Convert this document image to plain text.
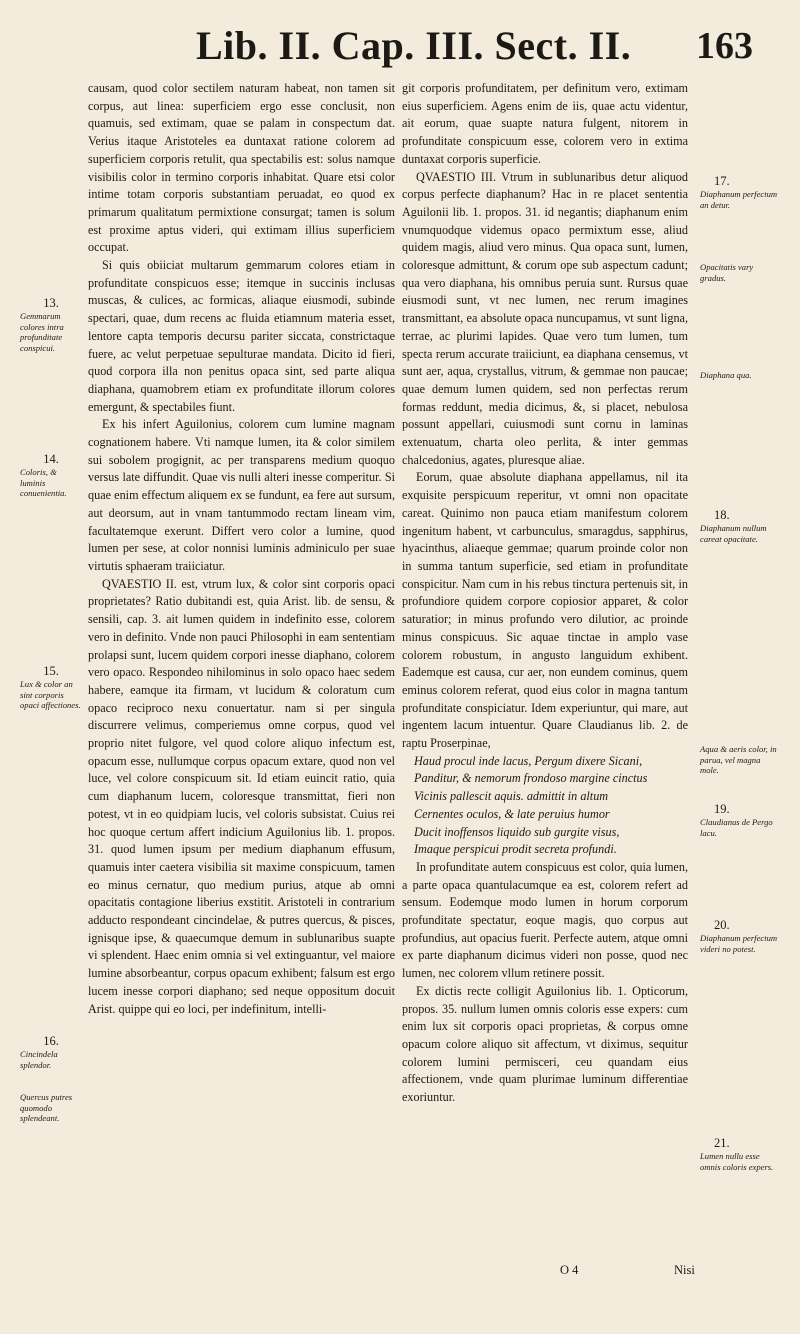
Lib. II. Cap. III. Sect. II. 163

causam, quod color sectilem naturam habeat, non tamen sit corpus, aut linea: superficiem ergo esse conclusit, non quamuis, sed extimam, quae se palam in conspectum dat. Verius itaque Aristoteles ea duntaxat ratione colorem ad superficiem corporis retulit, qua spectabilis est: solus namque visibilis color in termino corporis inhabitat. Quare etsi color intime totam corporis substantiam peruadat, eo quod ex primarum qualitatum permixtione consurgat; tamen is solum est proxime aptus videri, qui extimam illius superficiem occupat.

Si quis obiiciat multarum gemmarum colores etiam in profunditate conspicuos esse; itemque in succinis inclusas muscas, & culices, ac formicas, aliaque eiusmodi, subinde spectari, quae, dum recens ac fluida etiamnum materia esset, lentore capta temporis decursu pariter siccata, constrictaque fuere, ac velut perpetuae sepulturae mandata. Dicito id fieri, quod corpora illa non penitus opaca sint, sed parte aliqua diaphana, quamobrem etiam ex profunditate illorum colores emergunt, & spectabiles fiunt.

Ex his infert Aguilonius, colorem cum lumine magnam cognationem habere. Vti namque lumen, ita & color similem sui sobolem progignit, ac per transparens medium quoquo versus late diffundit. Quae vis nulli alteri inesse comperitur. Si quae enim effectum aliquem ex se fundunt, ea fere aut sursum, aut deorsum, aut in vnam tantummodo rectam lineam vim, facultatemque exerunt. Differt vero color a lumine, quod lumen per sese, at color nonnisi luminis adminiculo per suae virtutis sphaeram traiiciatur.

QVAESTIO II. est, vtrum lux, & color sint corporis opaci proprietates? Ratio dubitandi est, quia Arist. lib. de sensu, & sensili, cap. 3. ait lumen quidem in indefinito esse, colorem vero in definito. Vnde non pauci Philosophi in eam sententiam prolapsi sunt, lucem quidem corpori inesse diaphano, colorem vero opaco. Respondeo nihilominus in solo opaco haec sedem habere, eamque ita firmam, vt lucidum & coloratum cum opaco reciproco nexu conuertatur. nam si per singula discurrere velimus, comperiemus omne corpus, quod vel proprio nitet fulgore, vel quod colore aliquo infectum est, opacum esse, nullumque corpus opacum extare, quod non vel luce, vel colore conspicuum sit. Id etiam euincit ratio, quia cum diaphanum lucem, coloresque transmittat, fieri non potest, vt in eo quidpiam lucis, vel coloris subsistat. Cuius rei hoc quoque certum affert indicium Aguilonius lib. 1. propos. 31. quod lumen ipsum per medium diaphanum effusum, quamuis inter caetera visibilia sit maxime conspicuum, tamen eo minus cernatur, quo medium purius, atque ab omni opacitatis contagione liberius exstitit. Aristoteli in contrarium adducto respondeant cincindelae, & putres quercus, & pisces, ignisque ipse, & quaecumque demum in sublunaribus suapte vi splendent. Haec enim omnia si vel extinguantur, vel maiore lumine absorbeantur, corpus opacum exhibent; falsum est ergo lucem inesse corpori diaphano; sed neque oppositum docuit Arist. quippe qui eo loci, per indefinitum, intelli-

git corporis profunditatem, per definitum vero, extimam eius superficiem. Agens enim de iis, quae actu videntur, ait eorum, quae suapte natura fulgent, nitorem in profunditate conspicuum esse, colorem vero in extima duntaxat corporis superficie.

QVAESTIO III. Vtrum in sublunaribus detur aliquod corpus perfecte diaphanum? Hac in re placet sententia Aguilonii lib. 1. propos. 31. id negantis; diaphanum enim vnumquodque videmus opaco permixtum esse, aliud quidem magis, aliud vero minus. Qua opaca sunt, lumen, coloresque admittunt, & corum ope sub aspectum cadunt; qua vero diaphana, his omnibus peruia sunt. Rursus quae eiusmodi sunt, vt nec lumen, nec rerum imagines transmittant, ea absolute opaca nuncupamus, vt sunt ligna, terrae, ac plurimi lapides. Quae vero tum lumen, tum specta rerum accurate traiiciunt, ea diaphana censemus, vt sunt aer, aqua, crystallus, vitrum, & gemmae non paucae; quae demum lumen quidem, sed non perfectas rerum formas reddunt, media dicimus, &, si placet, nebulosa possunt appellari, cuiusmodi sunt cornu in laminas extenuatum, charta oleo perlita, & inter gemmas chalcedonius, agates, pluresque aliae.

Eorum, quae absolute diaphana appellamus, nil ita exquisite perspicuum reperitur, vt omni non opacitate careat. Quinimo non pauca etiam manifestum colorem ingenitum habent, vt carbunculus, smaragdus, sapphirus, hyacinthus, aliaeque gemmae; quarum proinde color non in summa tantum superficie, sed etiam in profunditate conspicitur. Nam cum in his rebus tinctura pertenuis sit, in profundiore quidem corpore copiosior apparet, & color saturatior; in minus profundo vero dilutior, ac proinde minus conspicuus. Sic aquae tinctae in amplo vase colorem robustum, in angusto languidum exhibent. Eademque est causa, cur aer, non eundem cominus, quem eminus colorem referat, quod eius color in magna tantum profunditate conspiciatur. Idem experiuntur, qui mare, aut ingentem lacum intuentur. Quare Claudianus lib. 2. de raptu Proserpinae,

Haud procul inde lacus, Pergum dixere Sicani,
Panditur, & nemorum frondoso margine cinctus
Vicinis pallescit aquis. admittit in altum
Cernentes oculos, & late peruius humor
Ducit inoffensos liquido sub gurgite visus,
Imaque perspicui prodit secreta profundi.

In profunditate autem conspicuus est color, quia lumen, a parte opaca quantulacumque ea est, colorem refert ad sensum. Eodemque modo lumen in horum corporum profunditate spectatur, eoque magis, quo corpus aut profundius, aut opacius fuerit. Perfecte autem, atque omni ex parte diaphanum dicimus videri non posse, quod nec lumen, nec colorem vllum retinere possit.

Ex dictis recte colligit Aguilonius lib. 1. Opticorum, propos. 35. nullum lumen omnis coloris esse expers: cum enim lux sit corporis opaci proprietas, & corpus omne opacum colore aliquo sit affectum, vt diximus, sequitur colorem lumini permisceri, ceu quandam eius affectionem, vnde quam plurimae luminum differentiae exoriuntur.

13.
Gemmarum colores intra profunditate conspicui.
14.
Coloris, & luminis conuenientia.
15.
Lux & color an sint corporis opaci affectiones.
16.
Cincindela splendor.
Quercus putres quomodo splendeant.
17.
Diaphanum perfectum an detur.
Opacitatis vary gradus.
Diaphana qua.
18.
Diaphanum nullum careat opacitate.
Aqua & aeris color, in parua, vel magna mole.
19.
Claudianus de Pergo lacu.
20.
Diaphanum perfectum videri no potest.
21.
Lumen nullu esse omnis coloris expers.
O 4	Nisi
